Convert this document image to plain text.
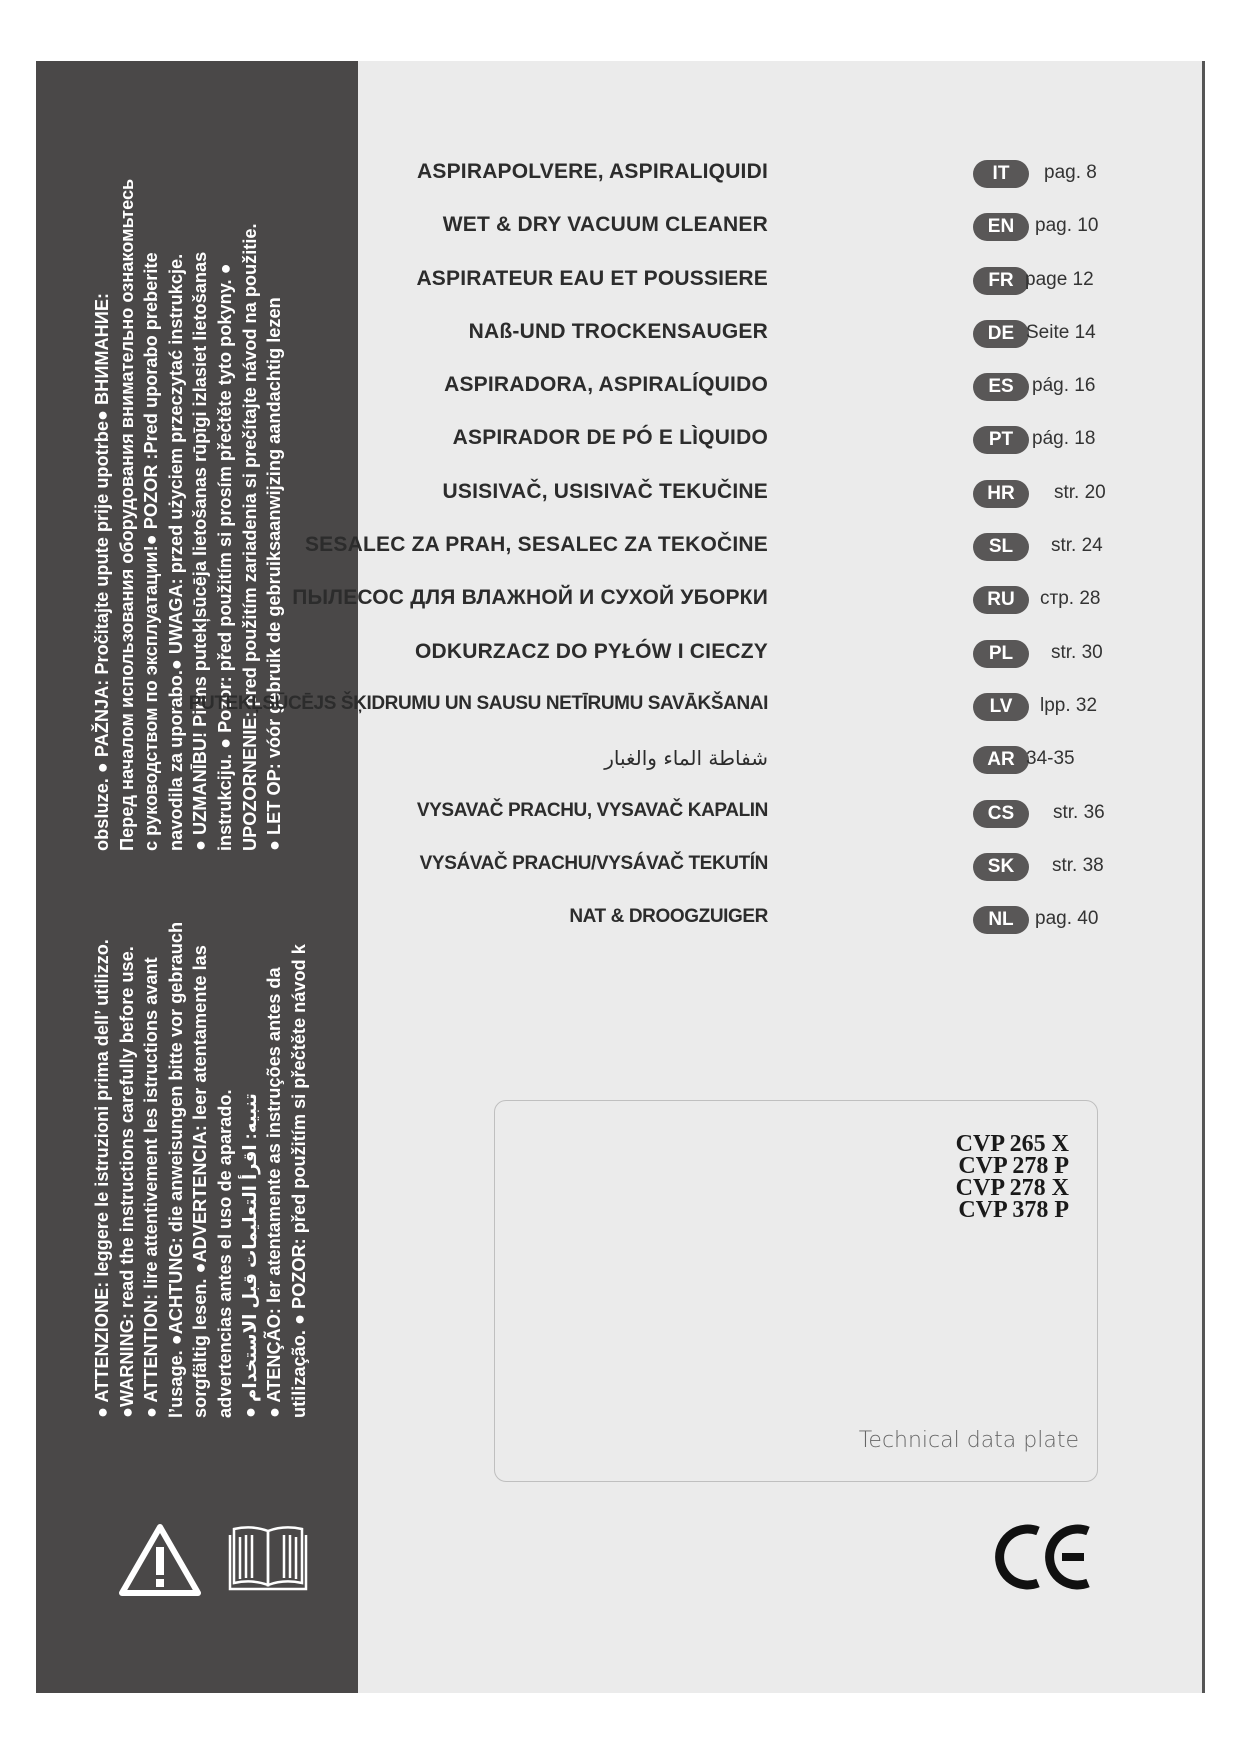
obsluze. ● PAŽNJA: Pročitajte upute prije upotrbe● ВНИМАНИЕ: Перед началом использования оборудования внимательно ознакомьтесь с руководством по эксплуатации!● POZOR :Pred uporabo preberite navodila za uporabo.● UWAGA: przed użyciem przeczytać instrukcje. ● UZMANĪBU! Pirms putekļsūcēja lietošanas rūpīgi izlasiet lietošanas instrukciju. ● Pozor: před použitím si prosím přečtěte tyto pokyny. ● UPOZORNENIE: pred použitím zariadenia si prečítajte návod na použitie. ● LET OP: vóór gebruik de gebruiksaanwijzing aandachtig lezen
● ATTENZIONE: leggere le istruzioni prima dell’ utilizzo. ●WARNING: read the instructions carefully before use. ● ATTENTION: lire attentivement les istructions avant l’usage. ●ACHTUNG: die anweisungen bitte vor gebrauch sorgfältig lesen. ●ADVERTENCIA: leer atentamente las advertencias antes el uso de aparado. ● تنبيه: اقرأ التعليمات قبل الاستخدام ● ATENÇÃO: ler atentamente as instruções antes da utilização. ● POZOR: před použitím si přečtěte návod k
ASPIRAPOLVERE, ASPIRALIQUIDI	IT	pag. 8
WET & DRY VACUUM CLEANER	EN	pag. 10
ASPIRATEUR EAU ET POUSSIERE	FR page 12
NAß-UND TROCKENSAUGER	DE Seite 14
ASPIRADORA, ASPIRALÍQUIDO	ES pág. 16
ASPIRADOR DE PÓ E LÌQUIDO	PT pág. 18
USISIVAČ, USISIVAČ TEKUČINE	HR	str. 20
SESALEC ZA PRAH, SESALEC ZA TEKOČINE	SL	str. 24
ПЫЛЕСОС ДЛЯ ВЛАЖНОЙ И СУХОЙ УБОРКИ	RU	стр. 28
ODKURZACZ DO PYŁÓW I CIECZY	PL	str. 30
PUTEKĻSŪCĒJS ŠĶIDRUMU UN SAUSU NETĪRUMU SAVĀKŠANAI	LV	lpp. 32
شفاطة الماء والغبار	AR 34-35
VYSAVAČ PRACHU, VYSAVAČ KAPALIN	CS	str. 36
VYSÁVAČ PRACHU/VYSÁVAČ TEKUTÍN	SK	str. 38
NAT & DROOGZUIGER	NL	pag. 40
CVP 265 X
CVP 278 P
CVP 278 X
CVP 378 P
Technical data plate
